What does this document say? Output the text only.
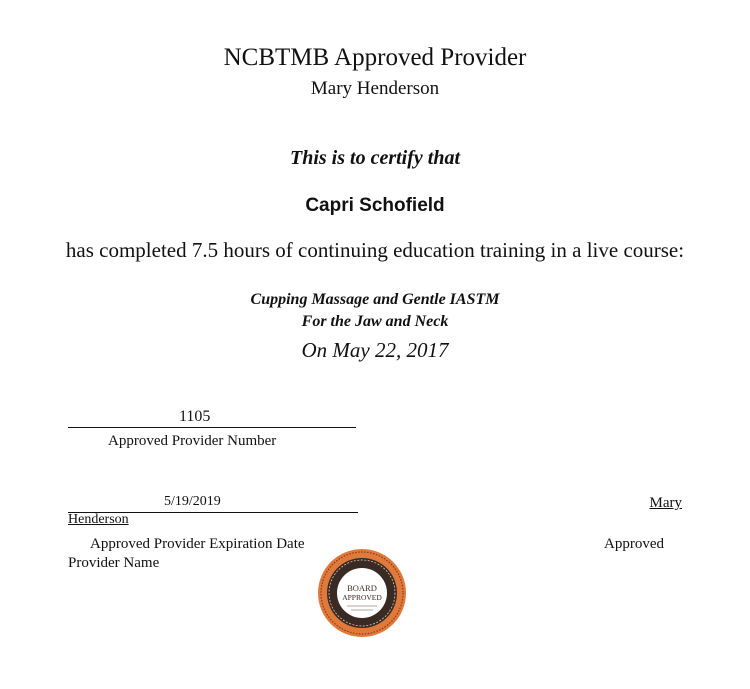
NCBTMB Approved Provider
Mary Henderson
This is to certify that
Capri Schofield
has completed 7.5 hours of continuing education training in a live course:
Cupping Massage and Gentle IASTM
For the Jaw and Neck
On May 22, 2017
1105
Approved Provider Number
5/19/2019	Mary
Henderson
Approved Provider Expiration Date	Approved
Provider Name
BOARD
APPROVED
